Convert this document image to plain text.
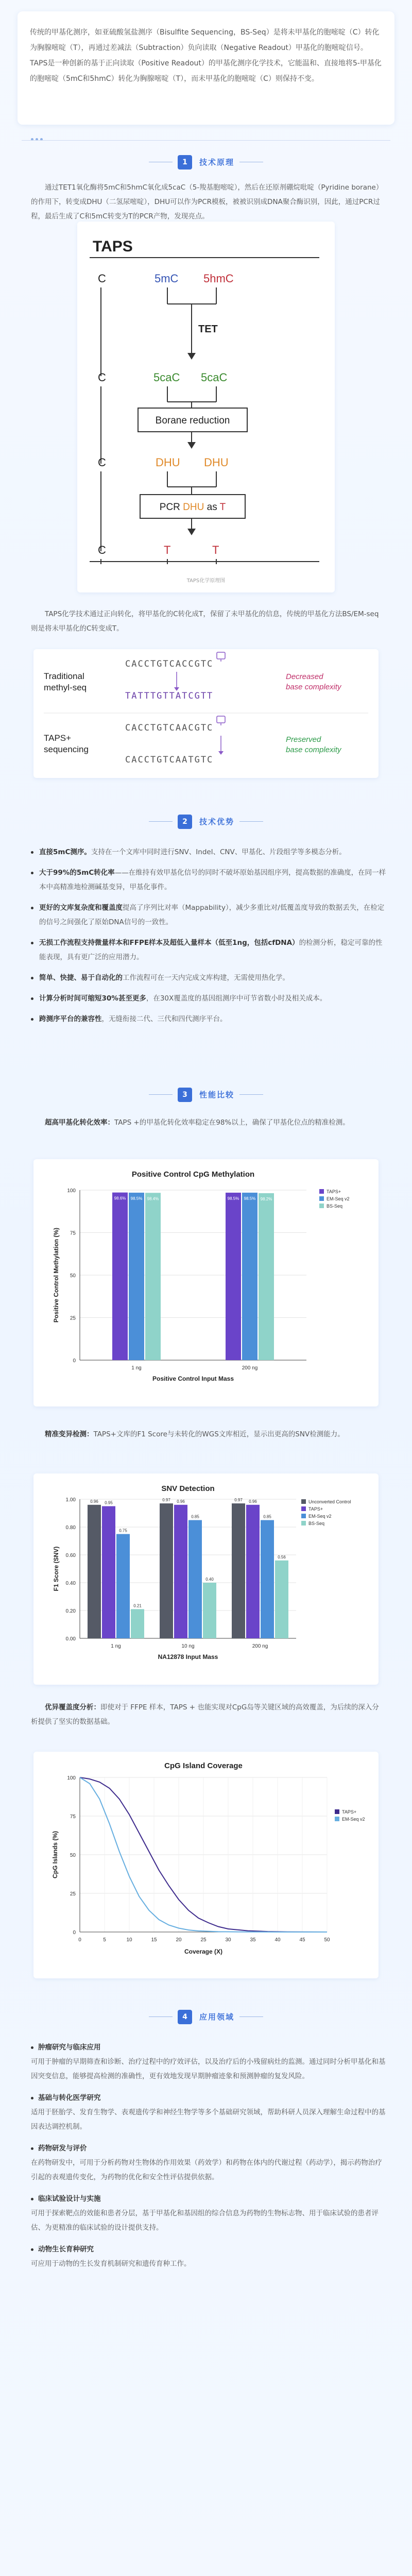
传统的甲基化测序，如亚硫酸氢盐测序（Bisulfite Sequencing，BS-Seq）是将未甲基化的胞嘧啶（C）转化为胸腺嘧啶（T），再通过差减法（Subtraction）负向读取（Negative Readout）甲基化的胞嘧啶信号。TAPS是一种创新的基于正向读取（Positive Readout）的甲基化测序化学技术，它能温和、直接地将5-甲基化的胞嘧啶（5mC和5hmC）转化为胸腺嘧啶（T），而未甲基化的胞嘧啶（C）则保持不变。

1	技术原理
通过TET1氧化酶将5mC和5hmC氧化成5caC（5-羧基胞嘧啶），然后在还原剂硼烷吡啶（Pyridine borane）的作用下，转变成DHU（二氢尿嘧啶），DHU可以作为PCR模板，被被识别成DNA聚合酶识别，因此，通过PCR过程，最后生成了C和5mC转变为T的PCR产物，发现亮点。
TAPS
C	5mC 5hmC
TET
C	5caC 5caC
Borane reduction
C	DHU DHU
PCR DHU as T
C	T	T
TAPS化学原理图
TAPS化学技术通过正向转化，将甲基化的C转化成T，保留了未甲基化的信息，传统的甲基化方法BS/EM-seq则是将未甲基化的C转变成T。
Traditional methyl-seq
CACCTGTCACCGTC
TATTTGTTATCGTT
Decreased base complexity
TAPS+ sequencing
CACCTGTCAACGTC
CACCTGTCAATGTC
Preserved base complexity
2	技术优势
直接5mC测序。支持在一个文库中同时进行SNV、Indel、CNV、甲基化、片段组学等多模态分析。
大于99%的5mC转化率——在维持有效甲基化信号的同时不破坏原始基因组序列，提高数据的准确度，在同一样本中高精准地检测碱基变异，甲基化事件。
更好的文库复杂度和覆盖度提高了序列比对率（Mappability），减少多重比对/低覆盖度导致的数据丢失，在检定的信号之间强化了原始DNA信号的一致性。
无损工作流程支持微量样本和FFPE样本及超低入量样本（低至1ng，包括cfDNA）的检测分析，稳定可靠的性能表现，具有更广泛的应用潜力。
简单、快捷、易于自动化的工作流程可在一天内完成文库构建，无需使用热化学。
计算分析时间可缩短30%甚至更多，在30X覆盖度的基因组测序中可节省数小时及相关成本。
跨测序平台的兼容性，无缝衔接二代、三代和四代测序平台。
3	性能比较
超高甲基化转化效率：TAPS +的甲基化转化效率稳定在98%以上，确保了甲基化位点的精准检测。
Positive Control CpG Methylation
0
25
50
75
100
98.6% 98.5% 98.4%
1 ng
98.5% 98.5% 98.2%
200 ng
Positive Control Input Mass
Positive Control Methylation (%)
TAPS+
EM-Seq v2
BS-Seq
精准变异检测：TAPS+文库的F1 Score与未转化的WGS文库相近，显示出更高的SNV检测能力。
SNV Detection
0.00
0.20
0.40
0.60
0.80
1.00	0.96 0.95
0.75
0.21
1 ng
0.97 0.96
0.85
0.40
10 ng
0.97 0.96
0.85
0.56
200 ng
NA12878 Input Mass
F1 Score (SNV)
Unconverted Control
TAPS+
EM-Seq v2
BS-Seq
优异覆盖度分析：即使对于 FFPE 样本，TAPS + 也能实现对CpG岛等关键区域的高效覆盖，为后续的深入分析提供了坚实的数据基础。
CpG Island Coverage
0
25
50
75
100
0	5	10	15	20	25	30	35	40	45	50
Coverage (X)
CpG Islands (%)
TAPS+
EM-Seq v2
4	应用领域
肿瘤研究与临床应用

可用于肿瘤的早期筛查和诊断、治疗过程中的疗效评估，以及治疗后的小残留病灶的监测。通过同时分析甲基化和基因突变信息，能够提高检测的准确性，更有效地发现早期肿瘤迹象和预测肿瘤的复发风险。

基础与转化医学研究

适用于胚胎学、发育生物学、表观遗传学和神经生物学等多个基础研究领域，帮助科研人员深入理解生命过程中的基因表达调控机制。

药物研发与评价

在药物研发中，可用于分析药物对生物体的作用效果（药效学）和药物在体内的代谢过程（药动学），揭示药物治疗引起的表观遗传变化，为药物的优化和安全性评估提供依据。

临床试验设计与实施

可用于探索靶点的效能和患者分层，基于甲基化和基因组的综合信息为药物的生物标志物、用于临床试验的患者评估、为更精准的临床试验的设计提供支持。

动物生长育种研究

可应用于动物的生长发育机制研究和遗传育种工作。
